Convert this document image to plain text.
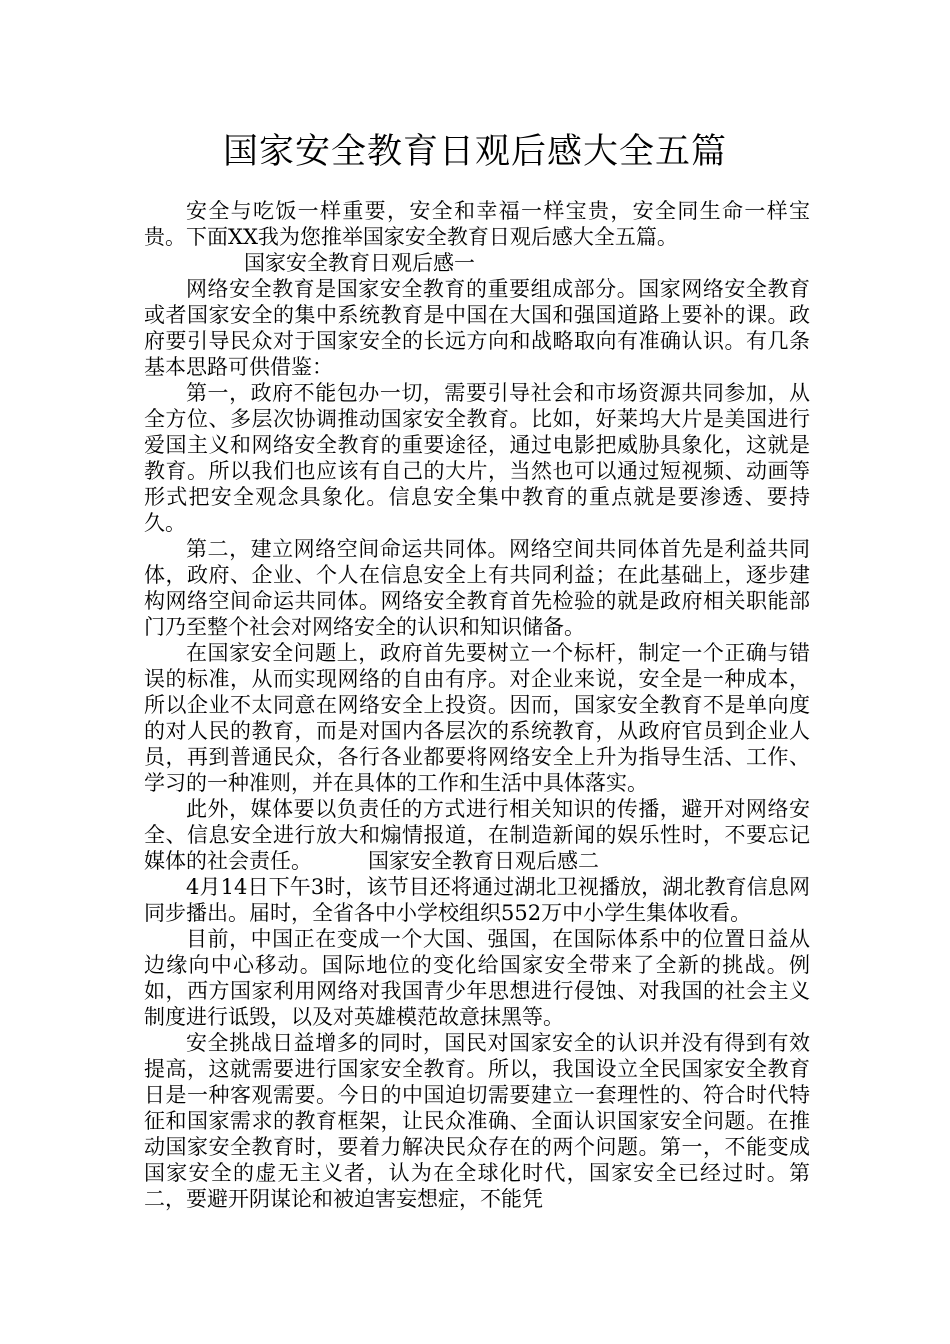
国家安全教育日观后感大全五篇

安全与吃饭一样重要，安全和幸福一样宝贵，安全同生命一样宝贵。下面XX我为您推举国家安全教育日观后感大全五篇。

国家安全教育日观后感一

网络安全教育是国家安全教育的重要组成部分。国家网络安全教育或者国家安全的集中系统教育是中国在大国和强国道路上要补的课。政府要引导民众对于国家安全的长远方向和战略取向有准确认识。有几条基本思路可供借鉴：

第一，政府不能包办一切，需要引导社会和市场资源共同参加，从全方位、多层次协调推动国家安全教育。比如，好莱坞大片是美国进行爱国主义和网络安全教育的重要途径，通过电影把威胁具象化，这就是教育。所以我们也应该有自己的大片，当然也可以通过短视频、动画等形式把安全观念具象化。信息安全集中教育的重点就是要渗透、要持久。

第二，建立网络空间命运共同体。网络空间共同体首先是利益共同体，政府、企业、个人在信息安全上有共同利益；在此基础上，逐步建构网络空间命运共同体。网络安全教育首先检验的就是政府相关职能部门乃至整个社会对网络安全的认识和知识储备。

在国家安全问题上，政府首先要树立一个标杆，制定一个正确与错误的标准，从而实现网络的自由有序。对企业来说，安全是一种成本，所以企业不太同意在网络安全上投资。因而，国家安全教育不是单向度的对人民的教育，而是对国内各层次的系统教育，从政府官员到企业人员，再到普通民众，各行各业都要将网络安全上升为指导生活、工作、学习的一种准则，并在具体的工作和生活中具体落实。

此外，媒体要以负责任的方式进行相关知识的传播，避开对网络安全、信息安全进行放大和煽情报道，在制造新闻的娱乐性时，不要忘记媒体的社会责任。	国家安全教育日观后感二

4月14日下午3时，该节目还将通过湖北卫视播放，湖北教育信息网同步播出。届时，全省各中小学校组织552万中小学生集体收看。

目前，中国正在变成一个大国、强国，在国际体系中的位置日益从边缘向中心移动。国际地位的变化给国家安全带来了全新的挑战。例如，西方国家利用网络对我国青少年思想进行侵蚀、对我国的社会主义制度进行诋毁，以及对英雄模范故意抹黑等。

安全挑战日益增多的同时，国民对国家安全的认识并没有得到有效提高，这就需要进行国家安全教育。所以，我国设立全民国家安全教育日是一种客观需要。今日的中国迫切需要建立一套理性的、符合时代特征和国家需求的教育框架，让民众准确、全面认识国家安全问题。在推动国家安全教育时，要着力解决民众存在的两个问题。第一，不能变成国家安全的虚无主义者，认为在全球化时代，国家安全已经过时。第二，要避开阴谋论和被迫害妄想症，不能凭
